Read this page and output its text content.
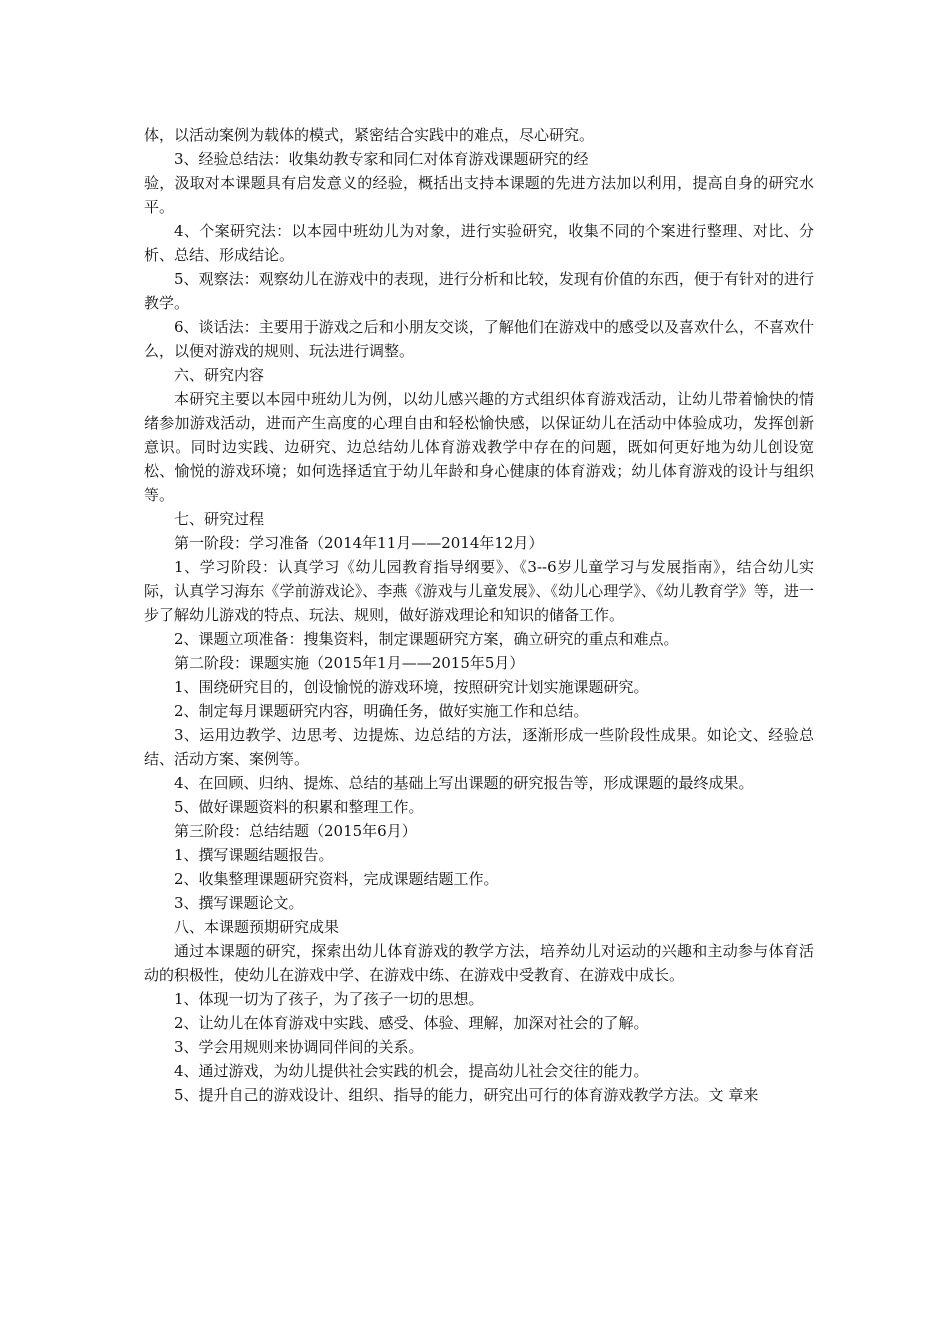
体，以活动案例为载体的模式，紧密结合实践中的难点，尽心研究。

3、经验总结法：收集幼教专家和同仁对体育游戏课题研究的经

验，汲取对本课题具有启发意义的经验，概括出支持本课题的先进方法加以利用，提高自身的研究水平。

4、个案研究法：以本园中班幼儿为对象，进行实验研究，收集不同的个案进行整理、对比、分析、总结、形成结论。

5、观察法：观察幼儿在游戏中的表现，进行分析和比较，发现有价值的东西，便于有针对的进行教学。

6、谈话法：主要用于游戏之后和小朋友交谈，了解他们在游戏中的感受以及喜欢什么，不喜欢什么，以便对游戏的规则、玩法进行调整。

六、研究内容

本研究主要以本园中班幼儿为例，以幼儿感兴趣的方式组织体育游戏活动，让幼儿带着愉快的情绪参加游戏活动，进而产生高度的心理自由和轻松愉快感，以保证幼儿在活动中体验成功，发挥创新意识。同时边实践、边研究、边总结幼儿体育游戏教学中存在的问题，既如何更好地为幼儿创设宽松、愉悦的游戏环境；如何选择适宜于幼儿年龄和身心健康的体育游戏；幼儿体育游戏的设计与组织等。

七、研究过程

第一阶段：学习准备（2014年11月——2014年12月）

1、学习阶段：认真学习《幼儿园教育指导纲要》、《3--6岁儿童学习与发展指南》，结合幼儿实际，认真学习海东《学前游戏论》、李燕《游戏与儿童发展》、《幼儿心理学》、《幼儿教育学》等，进一步了解幼儿游戏的特点、玩法、规则，做好游戏理论和知识的储备工作。

2、课题立项准备：搜集资料，制定课题研究方案，确立研究的重点和难点。

第二阶段：课题实施（2015年1月——2015年5月）

1、围绕研究目的，创设愉悦的游戏环境，按照研究计划实施课题研究。

2、制定每月课题研究内容，明确任务，做好实施工作和总结。

3、运用边教学、边思考、边提炼、边总结的方法，逐渐形成一些阶段性成果。如论文、经验总结、活动方案、案例等。

4、在回顾、归纳、提炼、总结的基础上写出课题的研究报告等，形成课题的最终成果。

5、做好课题资料的积累和整理工作。

第三阶段：总结结题（2015年6月）

1、撰写课题结题报告。

2、收集整理课题研究资料，完成课题结题工作。

3、撰写课题论文。

八、本课题预期研究成果

通过本课题的研究，探索出幼儿体育游戏的教学方法，培养幼儿对运动的兴趣和主动参与体育活动的积极性，使幼儿在游戏中学、在游戏中练、在游戏中受教育、在游戏中成长。

1、体现一切为了孩子，为了孩子一切的思想。

2、让幼儿在体育游戏中实践、感受、体验、理解，加深对社会的了解。

3、学会用规则来协调同伴间的关系。

4、通过游戏，为幼儿提供社会实践的机会，提高幼儿社会交往的能力。

5、提升自己的游戏设计、组织、指导的能力，研究出可行的体育游戏教学方法。文 章来
